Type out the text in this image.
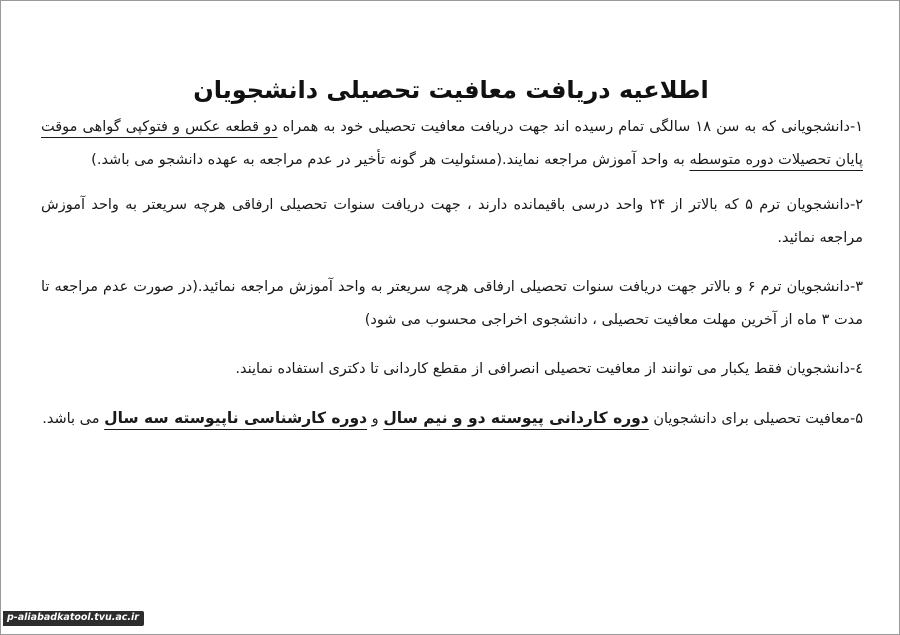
اطلاعیه دریافت معافیت تحصیلی دانشجویان

۱-دانشجویانی که به سن ۱۸ سالگی تمام رسیده اند جهت دریافت معافیت تحصیلی خود به همراه دو قطعه عکس و فتوکپی گواهی موقت پایان تحصیلات دوره متوسطه به واحد آموزش مراجعه نمایند.(مسئولیت هر گونه تأخیر در عدم مراجعه به عهده دانشجو می باشد.)

۲-دانشجویان ترم ۵ که بالاتر از ۲۴ واحد درسی باقیمانده دارند ، جهت دریافت سنوات تحصیلی ارفاقی هرچه سریعتر به واحد آموزش مراجعه نمائید.

۳-دانشجویان ترم ۶ و بالاتر جهت دریافت سنوات تحصیلی ارفاقی هرچه سریعتر به واحد آموزش مراجعه نمائید.(در صورت عدم مراجعه تا مدت ۳ ماه از آخرین مهلت معافیت تحصیلی ، دانشجوی اخراجی محسوب می شود)

٤-دانشجویان فقط یکبار می توانند از معافیت تحصیلی انصرافی از مقطع کاردانی تا دکتری استفاده نمایند.

۵-معافیت تحصیلی برای دانشجویان دوره کاردانی پیوسته دو و نیم سال و دوره کارشناسی ناپیوسته سه سال می باشد.

p-aliabadkatool.tvu.ac.ir
